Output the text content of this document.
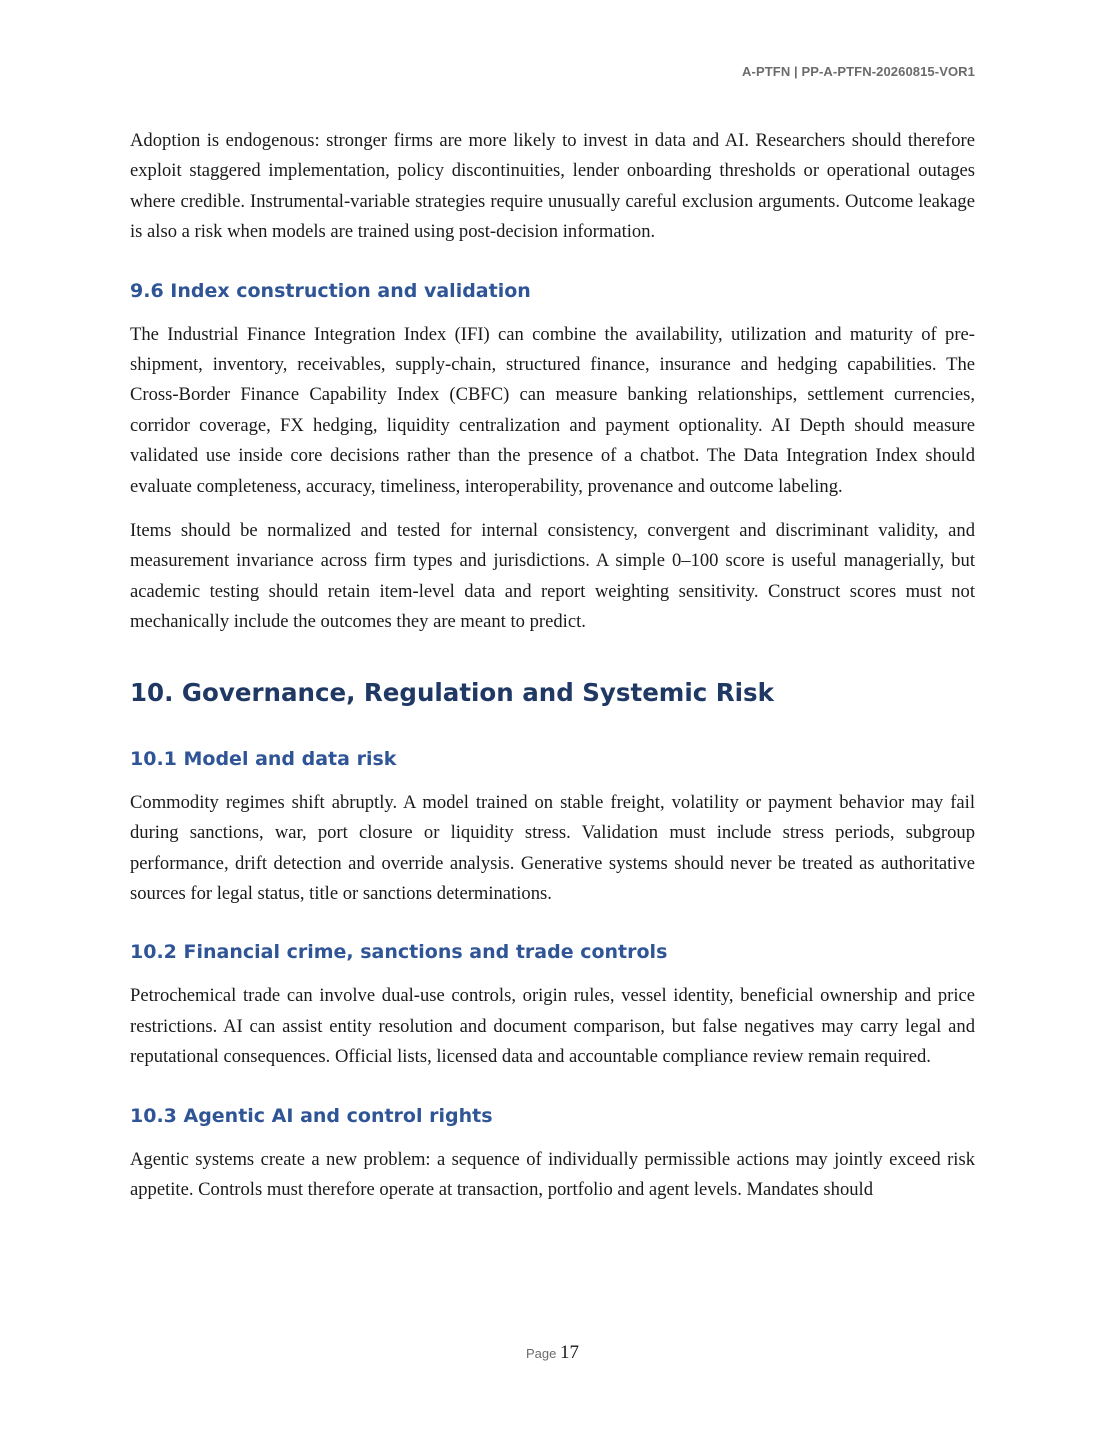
A-PTFN | PP-A-PTFN-20260815-VOR1

Adoption is endogenous: stronger firms are more likely to invest in data and AI. Researchers should therefore exploit staggered implementation, policy discontinuities, lender onboarding thresholds or operational outages where credible. Instrumental-variable strategies require unusually careful exclusion arguments. Outcome leakage is also a risk when models are trained using post-decision information.

9.6 Index construction and validation

The Industrial Finance Integration Index (IFI) can combine the availability, utilization and maturity of pre-shipment, inventory, receivables, supply-chain, structured finance, insurance and hedging capabilities. The Cross-Border Finance Capability Index (CBFC) can measure banking relationships, settlement currencies, corridor coverage, FX hedging, liquidity centralization and payment optionality. AI Depth should measure validated use inside core decisions rather than the presence of a chatbot. The Data Integration Index should evaluate completeness, accuracy, timeliness, interoperability, provenance and outcome labeling.

Items should be normalized and tested for internal consistency, convergent and discriminant validity, and measurement invariance across firm types and jurisdictions. A simple 0–100 score is useful managerially, but academic testing should retain item-level data and report weighting sensitivity. Construct scores must not mechanically include the outcomes they are meant to predict.

10. Governance, Regulation and Systemic Risk
10.1 Model and data risk

Commodity regimes shift abruptly. A model trained on stable freight, volatility or payment behavior may fail during sanctions, war, port closure or liquidity stress. Validation must include stress periods, subgroup performance, drift detection and override analysis. Generative systems should never be treated as authoritative sources for legal status, title or sanctions determinations.

10.2 Financial crime, sanctions and trade controls

Petrochemical trade can involve dual-use controls, origin rules, vessel identity, beneficial ownership and price restrictions. AI can assist entity resolution and document comparison, but false negatives may carry legal and reputational consequences. Official lists, licensed data and accountable compliance review remain required.

10.3 Agentic AI and control rights

Agentic systems create a new problem: a sequence of individually permissible actions may jointly exceed risk appetite. Controls must therefore operate at transaction, portfolio and agent levels. Mandates should

Page 17
